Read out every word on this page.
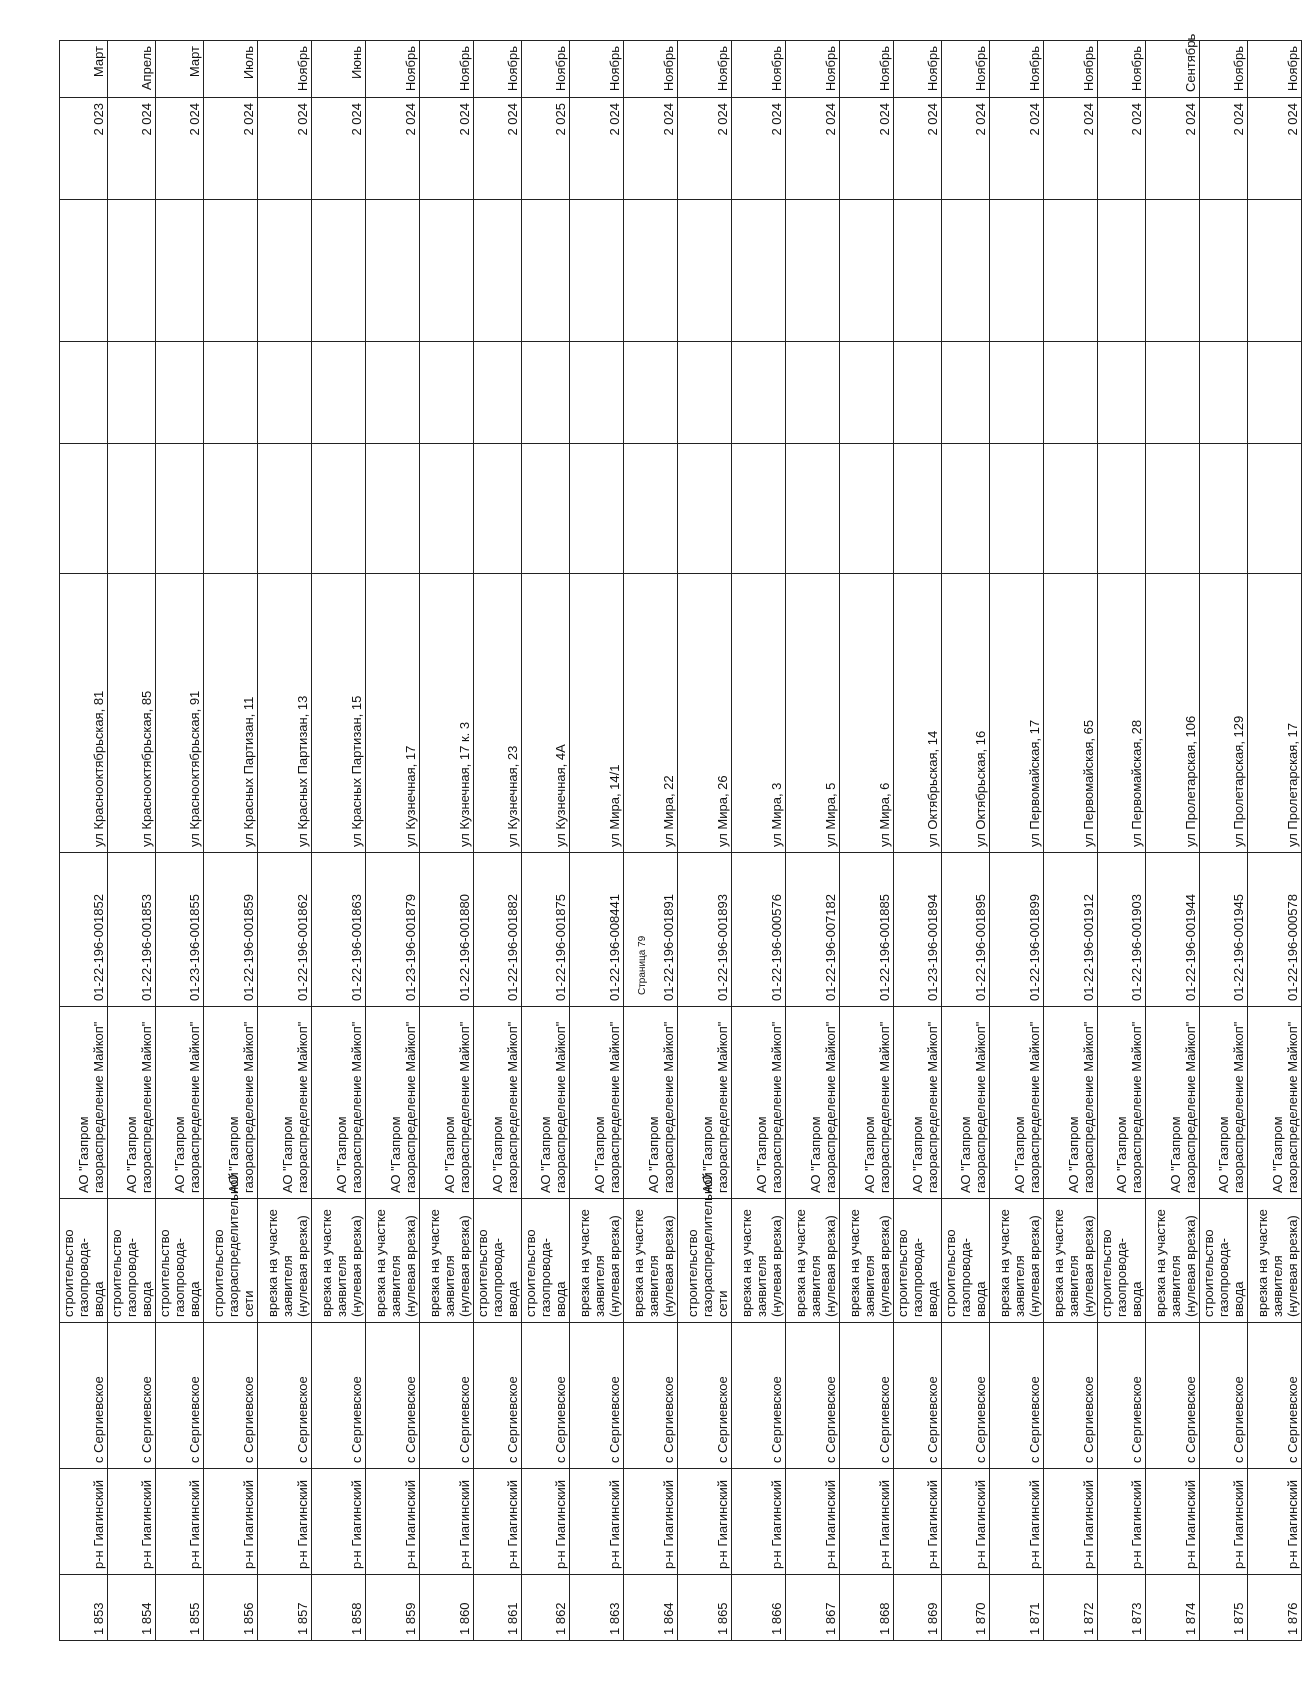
1 853	р-н Гиагинский	с Сергиевское	строительство газопровода-ввода	АО "Газпром газораспределение Майкоп"	01-22-196-001852	ул Краснооктябрьская, 81				2 023	Март
1 854	р-н Гиагинский	с Сергиевское	строительство газопровода-ввода	АО "Газпром газораспределение Майкоп"	01-22-196-001853	ул Краснооктябрьская, 85				2 024	Апрель
1 855	р-н Гиагинский	с Сергиевское	строительство газопровода-ввода	АО "Газпром газораспределение Майкоп"	01-23-196-001855	ул Краснооктябрьская, 91				2 024	Март
1 856	р-н Гиагинский	с Сергиевское	строительство газораспределительной сети	АО "Газпром газораспределение Майкоп"	01-22-196-001859	ул Красных Партизан, 11				2 024	Июль
1 857	р-н Гиагинский	с Сергиевское	врезка на участке заявителя (нулевая врезка)	АО "Газпром газораспределение Майкоп"	01-22-196-001862	ул Красных Партизан, 13				2 024	Ноябрь
1 858	р-н Гиагинский	с Сергиевское	врезка на участке заявителя (нулевая врезка)	АО "Газпром газораспределение Майкоп"	01-22-196-001863	ул Красных Партизан, 15				2 024	Июнь
1 859	р-н Гиагинский	с Сергиевское	врезка на участке заявителя (нулевая врезка)	АО "Газпром газораспределение Майкоп"	01-23-196-001879	ул Кузнечная, 17				2 024	Ноябрь
1 860	р-н Гиагинский	с Сергиевское	врезка на участке заявителя (нулевая врезка)	АО "Газпром газораспределение Майкоп"	01-22-196-001880	ул Кузнечная, 17 к. 3				2 024	Ноябрь
1 861	р-н Гиагинский	с Сергиевское	строительство газопровода-ввода	АО "Газпром газораспределение Майкоп"	01-22-196-001882	ул Кузнечная, 23				2 024	Ноябрь
1 862	р-н Гиагинский	с Сергиевское	строительство газопровода-ввода	АО "Газпром газораспределение Майкоп"	01-22-196-001875	ул Кузнечная, 4А				2 025	Ноябрь
1 863	р-н Гиагинский	с Сергиевское	врезка на участке заявителя (нулевая врезка)	АО "Газпром газораспределение Майкоп"	01-22-196-008441	ул Мира, 14/1				2 024	Ноябрь
1 864	р-н Гиагинский	с Сергиевское	врезка на участке заявителя (нулевая врезка)	АО "Газпром газораспределение Майкоп"	01-22-196-001891	ул Мира, 22				2 024	Ноябрь
1 865	р-н Гиагинский	с Сергиевское	строительство газораспределительной сети	АО "Газпром газораспределение Майкоп"	01-22-196-001893	ул Мира, 26				2 024	Ноябрь
1 866	р-н Гиагинский	с Сергиевское	врезка на участке заявителя (нулевая врезка)	АО "Газпром газораспределение Майкоп"	01-22-196-000576	ул Мира, 3				2 024	Ноябрь
1 867	р-н Гиагинский	с Сергиевское	врезка на участке заявителя (нулевая врезка)	АО "Газпром газораспределение Майкоп"	01-22-196-007182	ул Мира, 5				2 024	Ноябрь
1 868	р-н Гиагинский	с Сергиевское	врезка на участке заявителя (нулевая врезка)	АО "Газпром газораспределение Майкоп"	01-22-196-001885	ул Мира, 6				2 024	Ноябрь
1 869	р-н Гиагинский	с Сергиевское	строительство газопровода-ввода	АО "Газпром газораспределение Майкоп"	01-23-196-001894	ул Октябрьская, 14				2 024	Ноябрь
1 870	р-н Гиагинский	с Сергиевское	строительство газопровода-ввода	АО "Газпром газораспределение Майкоп"	01-22-196-001895	ул Октябрьская, 16				2 024	Ноябрь
1 871	р-н Гиагинский	с Сергиевское	врезка на участке заявителя (нулевая врезка)	АО "Газпром газораспределение Майкоп"	01-22-196-001899	ул Первомайская, 17				2 024	Ноябрь
1 872	р-н Гиагинский	с Сергиевское	врезка на участке заявителя (нулевая врезка)	АО "Газпром газораспределение Майкоп"	01-22-196-001912	ул Первомайская, 65				2 024	Ноябрь
1 873	р-н Гиагинский	с Сергиевское	строительство газопровода-ввода	АО "Газпром газораспределение Майкоп"	01-22-196-001903	ул Первомайская, 28				2 024	Ноябрь
1 874	р-н Гиагинский	с Сергиевское	врезка на участке заявителя (нулевая врезка)	АО "Газпром газораспределение Майкоп"	01-22-196-001944	ул Пролетарская, 106				2 024	Сентябрь
1 875	р-н Гиагинский	с Сергиевское	строительство газопровода-ввода	АО "Газпром газораспределение Майкоп"	01-22-196-001945	ул Пролетарская, 129				2 024	Ноябрь
1 876	р-н Гиагинский	с Сергиевское	врезка на участке заявителя (нулевая врезка)	АО "Газпром газораспределение Майкоп"	01-22-196-000578	ул Пролетарская, 17				2 024	Ноябрь
Страница 79
